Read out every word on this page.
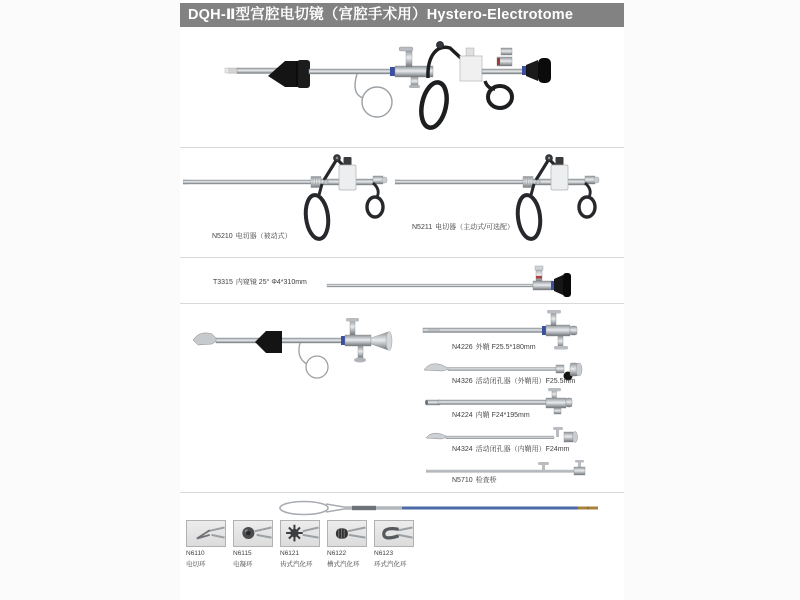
DQH-Ⅱ型宫腔电切镜（宫腔手术用）Hystero-Electrotome
N5210 电切器（被动式）
N5211 电切器（主动式/可选配）
T3315 内窥镜 25° Φ4*310mm
N4226 外鞘 F25.5*180mm
N4326 活动闭孔器（外鞘用）F25.5mm
N4224 内鞘 F24*195mm
N4324 活动闭孔器（内鞘用）F24mm
N5710 检查桥
N6110
电切环
N6115
电凝环
N6121
齿式汽化环
N6122
槽式汽化环
N6123
环式汽化环
